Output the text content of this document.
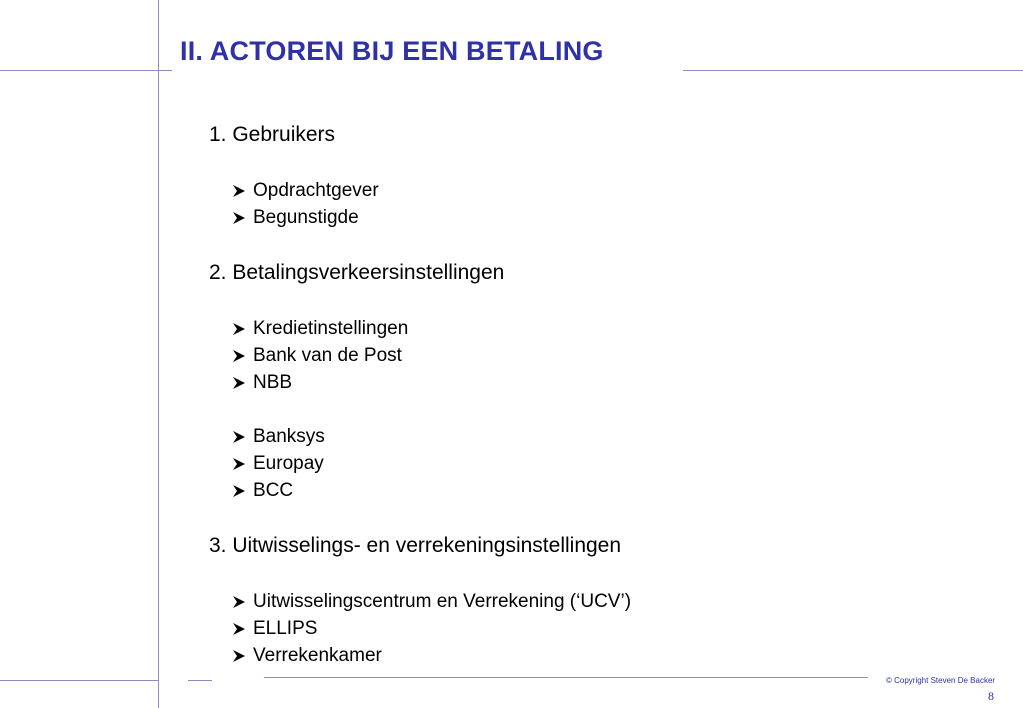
II. ACTOREN BIJ EEN BETALING
1. Gebruikers
Opdrachtgever
Begunstigde
2. Betalingsverkeersinstellingen
Kredietinstellingen
Bank van de Post
NBB
Banksys
Europay
BCC
3. Uitwisselings- en verrekeningsinstellingen
Uitwisselingscentrum en Verrekening (‘UCV’)
ELLIPS
Verrekenkamer
© Copyright Steven De Backer
8
